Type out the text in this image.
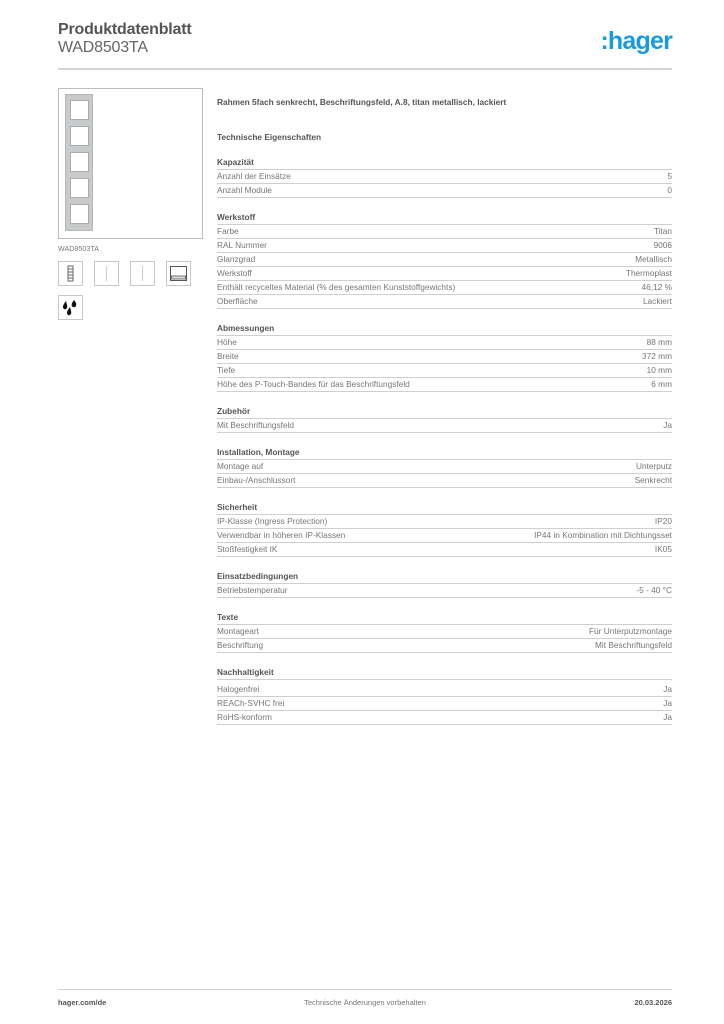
Produktdatenblatt
WAD8503TA	:hager
WAD8503TA
Rahmen 5fach senkrecht, Beschriftungsfeld, A.8, titan metallisch, lackiert
Technische Eigenschaften
Kapazität
Anzahl der Einsätze	5
Anzahl Module	0
Werkstoff
Farbe	Titan
RAL Nummer	9006
Glanzgrad	Metallisch
Werkstoff	Thermoplast
Enthält recyceltes Material (% des gesamten Kunststoffgewichts)	46,12 %
Oberfläche	Lackiert
Abmessungen
Höhe	88 mm
Breite	372 mm
Tiefe	10 mm
Höhe des P-Touch-Bandes für das Beschriftungsfeld	6 mm
Zubehör
Mit Beschriftungsfeld	Ja
Installation, Montage
Montage auf	Unterputz
Einbau-/Anschlussort	Senkrecht
Sicherheit
IP-Klasse (Ingress Protection)	IP20
Verwendbar in höheren IP-Klassen	IP44 in Kombination mit Dichtungsset
Stoßfestigkeit IK	IK05
Einsatzbedingungen
Betriebstemperatur	-5 - 40 °C
Texte
Montageart	Für Unterputzmontage
Beschriftung	Mit Beschriftungsfeld
Nachhaltigkeit
Halogenfrei	Ja
REACh-SVHC frei	Ja
RoHS-konform	Ja
hager.com/de	Technische Änderungen vorbehalten	20.03.2026
